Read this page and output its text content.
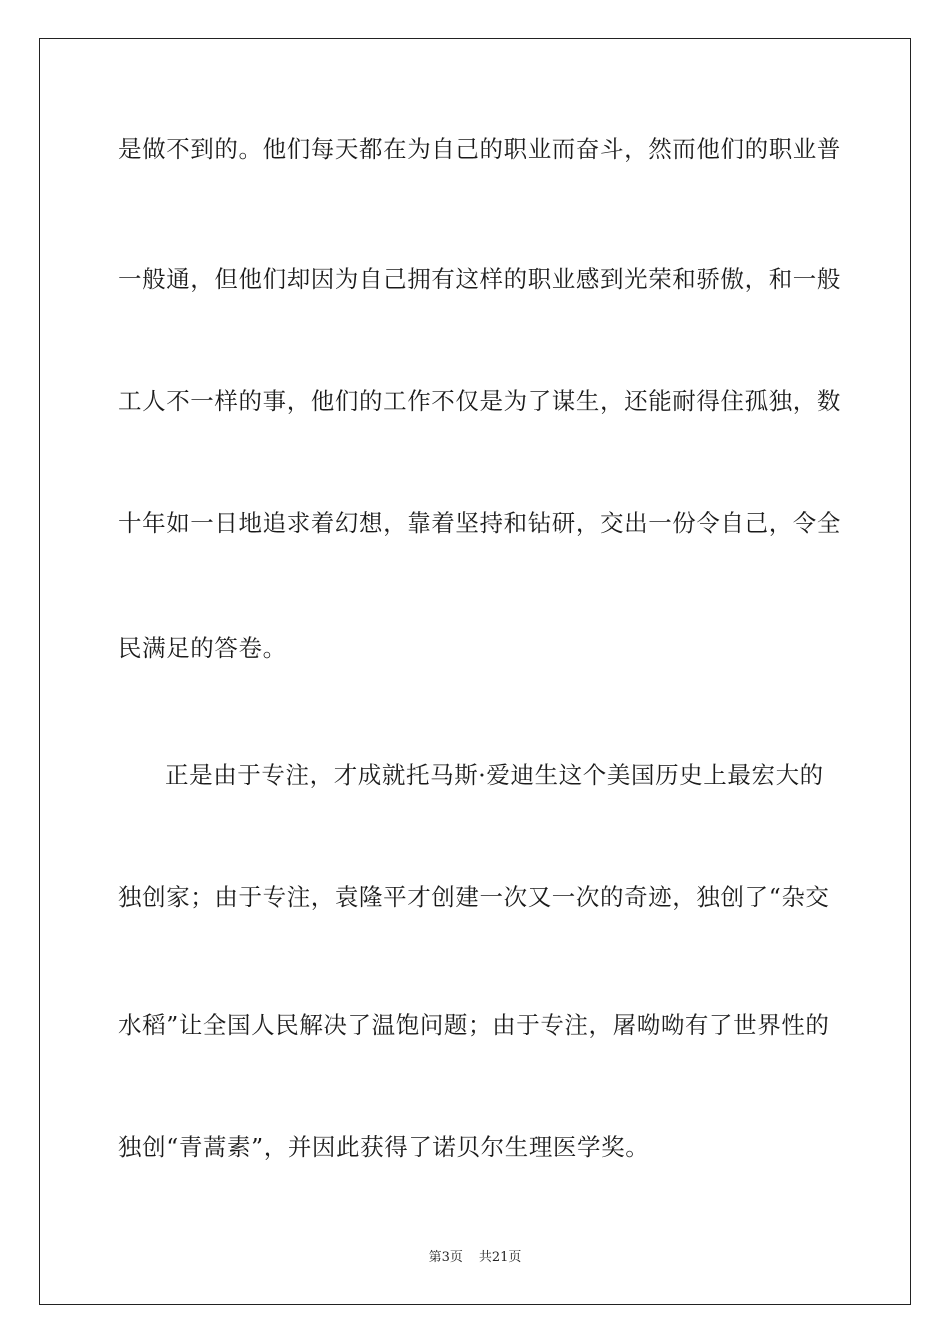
是做不到的。他们每天都在为自己的职业而奋斗，然而他们的职业普
一般通，但他们却因为自己拥有这样的职业感到光荣和骄傲，和一般
工人不一样的事，他们的工作不仅是为了谋生，还能耐得住孤独，数
十年如一日地追求着幻想，靠着坚持和钻研，交出一份令自己，令全
民满足的答卷。
正是由于专注，才成就托马斯·爱迪生这个美国历史上最宏大的
独创家；由于专注，袁隆平才创建一次又一次的奇迹，独创了“杂交
水稻”让全国人民解决了温饱问题；由于专注，屠呦呦有了世界性的
独创“青蒿素”，并因此获得了诺贝尔生理医学奖。
第3页 共21页
